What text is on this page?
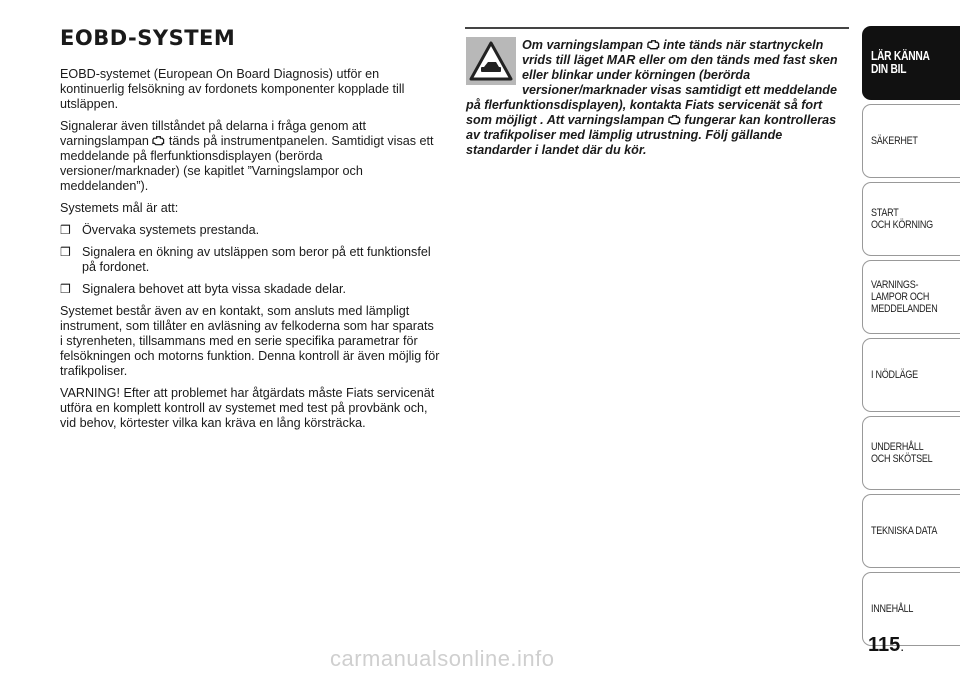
EOBD-SYSTEM

EOBD-systemet (European On Board Diagnosis) utför en kontinuerlig felsökning av fordonets komponenter kopplade till utsläppen.

Signalerar även tillståndet på delarna i fråga genom att varningslampan tänds på instrumentpanelen. Samtidigt visas ett meddelande på flerfunktionsdisplayen (berörda versioner/marknader) (se kapitlet ”Varningslampor och meddelanden”).

Systemets mål är att:

❒ Övervaka systemets prestanda.
❒ Signalera en ökning av utsläppen som beror på ett funktionsfel på fordonet.
❒ Signalera behovet att byta vissa skadade delar.

Systemet består även av en kontakt, som ansluts med lämpligt instrument, som tillåter en avläsning av felkoderna som har sparats i styrenheten, tillsammans med en serie specifika parametrar för felsökningen och motorns funktion. Denna kontroll är även möjlig för trafikpoliser.

VARNING! Efter att problemet har åtgärdats måste Fiats servicenät utföra en komplett kontroll av systemet med test på provbänk och, vid behov, körtester vilka kan kräva en lång körsträcka.

Om varningslampan inte tänds när startnyckeln vrids till läget MAR eller om den tänds med fast sken eller blinkar under körningen (berörda versioner/marknader visas samtidigt ett meddelande på flerfunktionsdisplayen), kontakta Fiats servicenät så fort som möjligt . Att varningslampan fungerar kan kontrolleras av trafikpoliser med lämplig utrustning. Följ gällande standarder i landet där du kör.
LÄR KÄNNA
DIN BIL
SÄKERHET
START
OCH KÖRNING
VARNINGS-
LAMPOR OCH
MEDDELANDEN
I NÖDLÄGE
UNDERHÅLL
OCH SKÖTSEL
TEKNISKA DATA
INNEHÅLL
115 .
carmanualsonline.info
